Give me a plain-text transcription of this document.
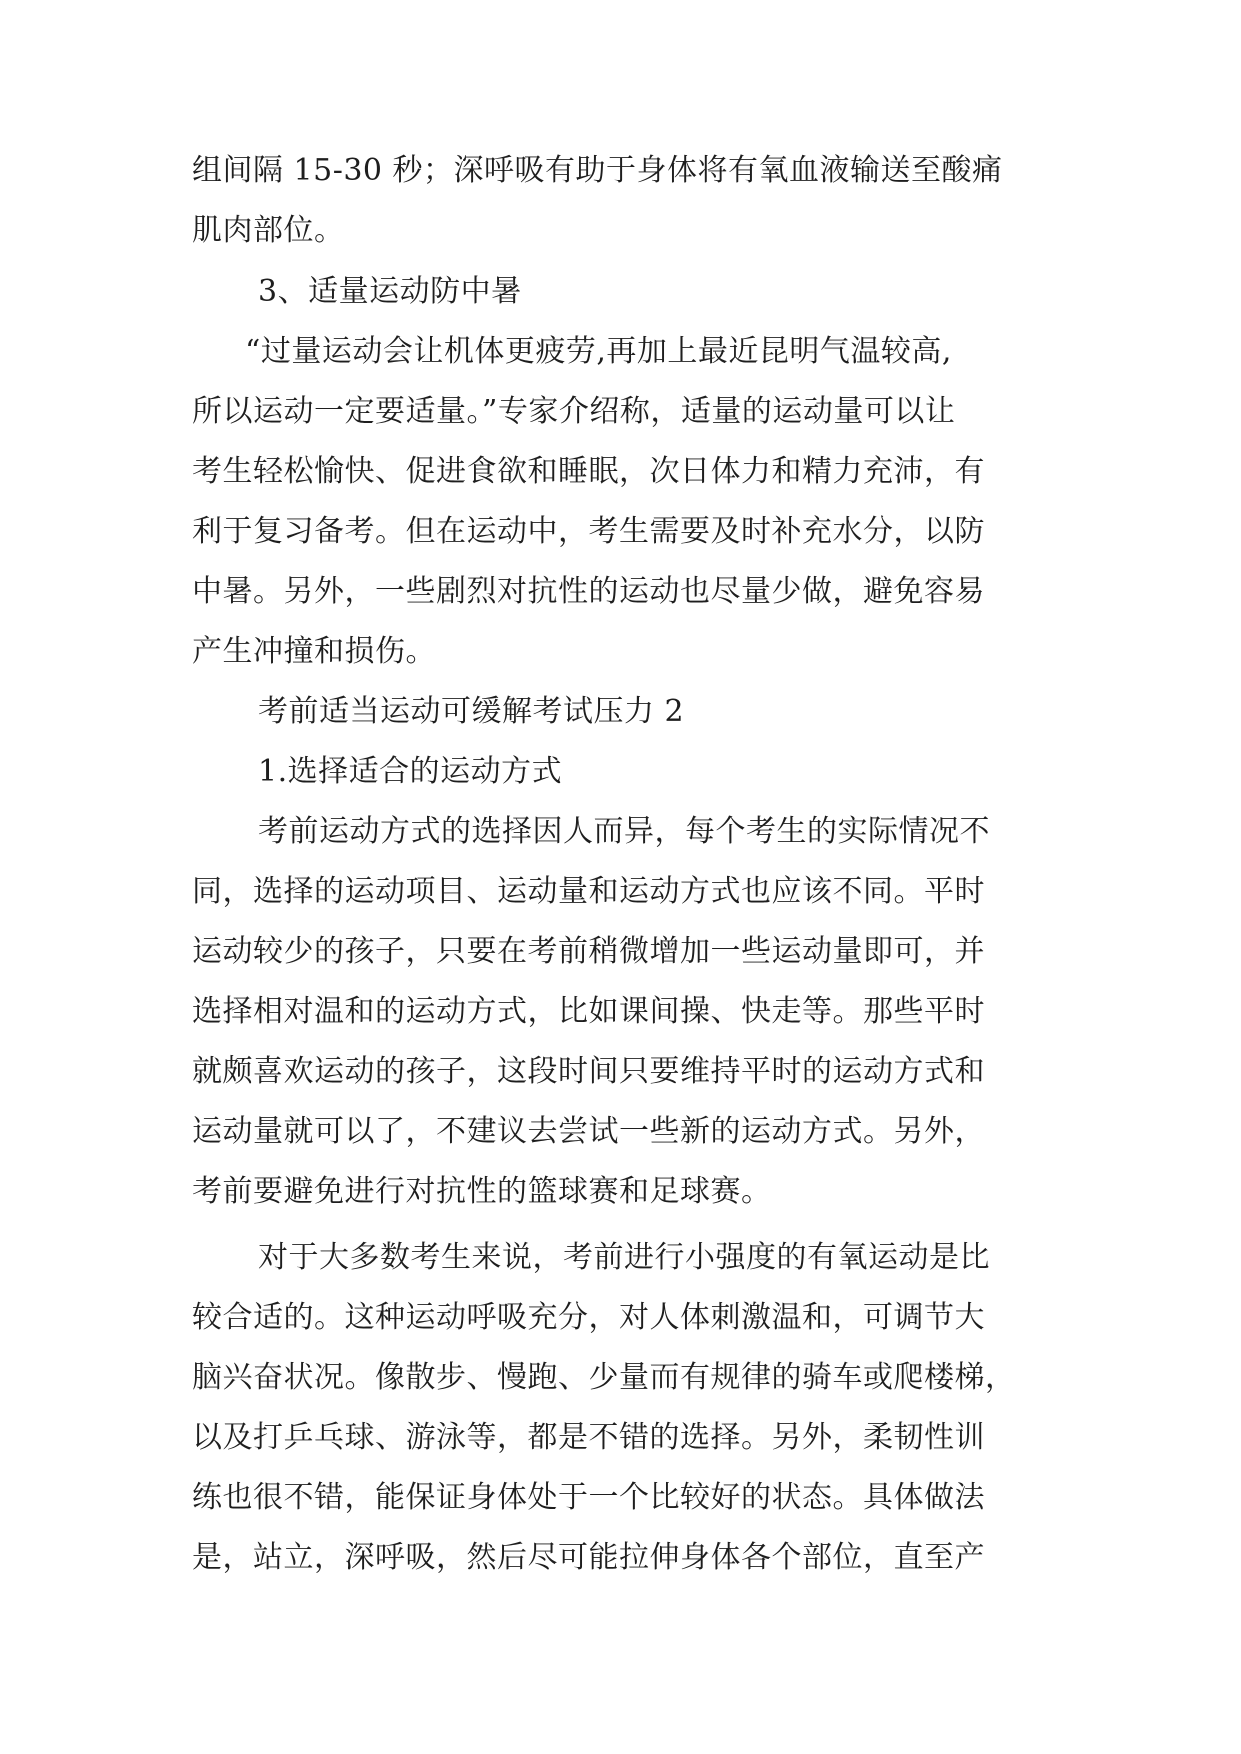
组间隔 15-30 秒；深呼吸有助于身体将有氧血液输送至酸痛
肌肉部位。
3、适量运动防中暑
“过量运动会让机体更疲劳,再加上最近昆明气温较高,
所以运动一定要适量。”专家介绍称，适量的运动量可以让
考生轻松愉快、促进食欲和睡眠，次日体力和精力充沛，有
利于复习备考。但在运动中，考生需要及时补充水分，以防
中暑。另外，一些剧烈对抗性的运动也尽量少做，避免容易
产生冲撞和损伤。
考前适当运动可缓解考试压力 2
1.选择适合的运动方式
考前运动方式的选择因人而异，每个考生的实际情况不
同，选择的运动项目、运动量和运动方式也应该不同。平时
运动较少的孩子，只要在考前稍微增加一些运动量即可，并
选择相对温和的运动方式，比如课间操、快走等。那些平时
就颇喜欢运动的孩子，这段时间只要维持平时的运动方式和
运动量就可以了，不建议去尝试一些新的运动方式。另外，
考前要避免进行对抗性的篮球赛和足球赛。
对于大多数考生来说，考前进行小强度的有氧运动是比
较合适的。这种运动呼吸充分，对人体刺激温和，可调节大
脑兴奋状况。像散步、慢跑、少量而有规律的骑车或爬楼梯，
以及打乒乓球、游泳等，都是不错的选择。另外，柔韧性训
练也很不错，能保证身体处于一个比较好的状态。具体做法
是，站立，深呼吸，然后尽可能拉伸身体各个部位，直至产
